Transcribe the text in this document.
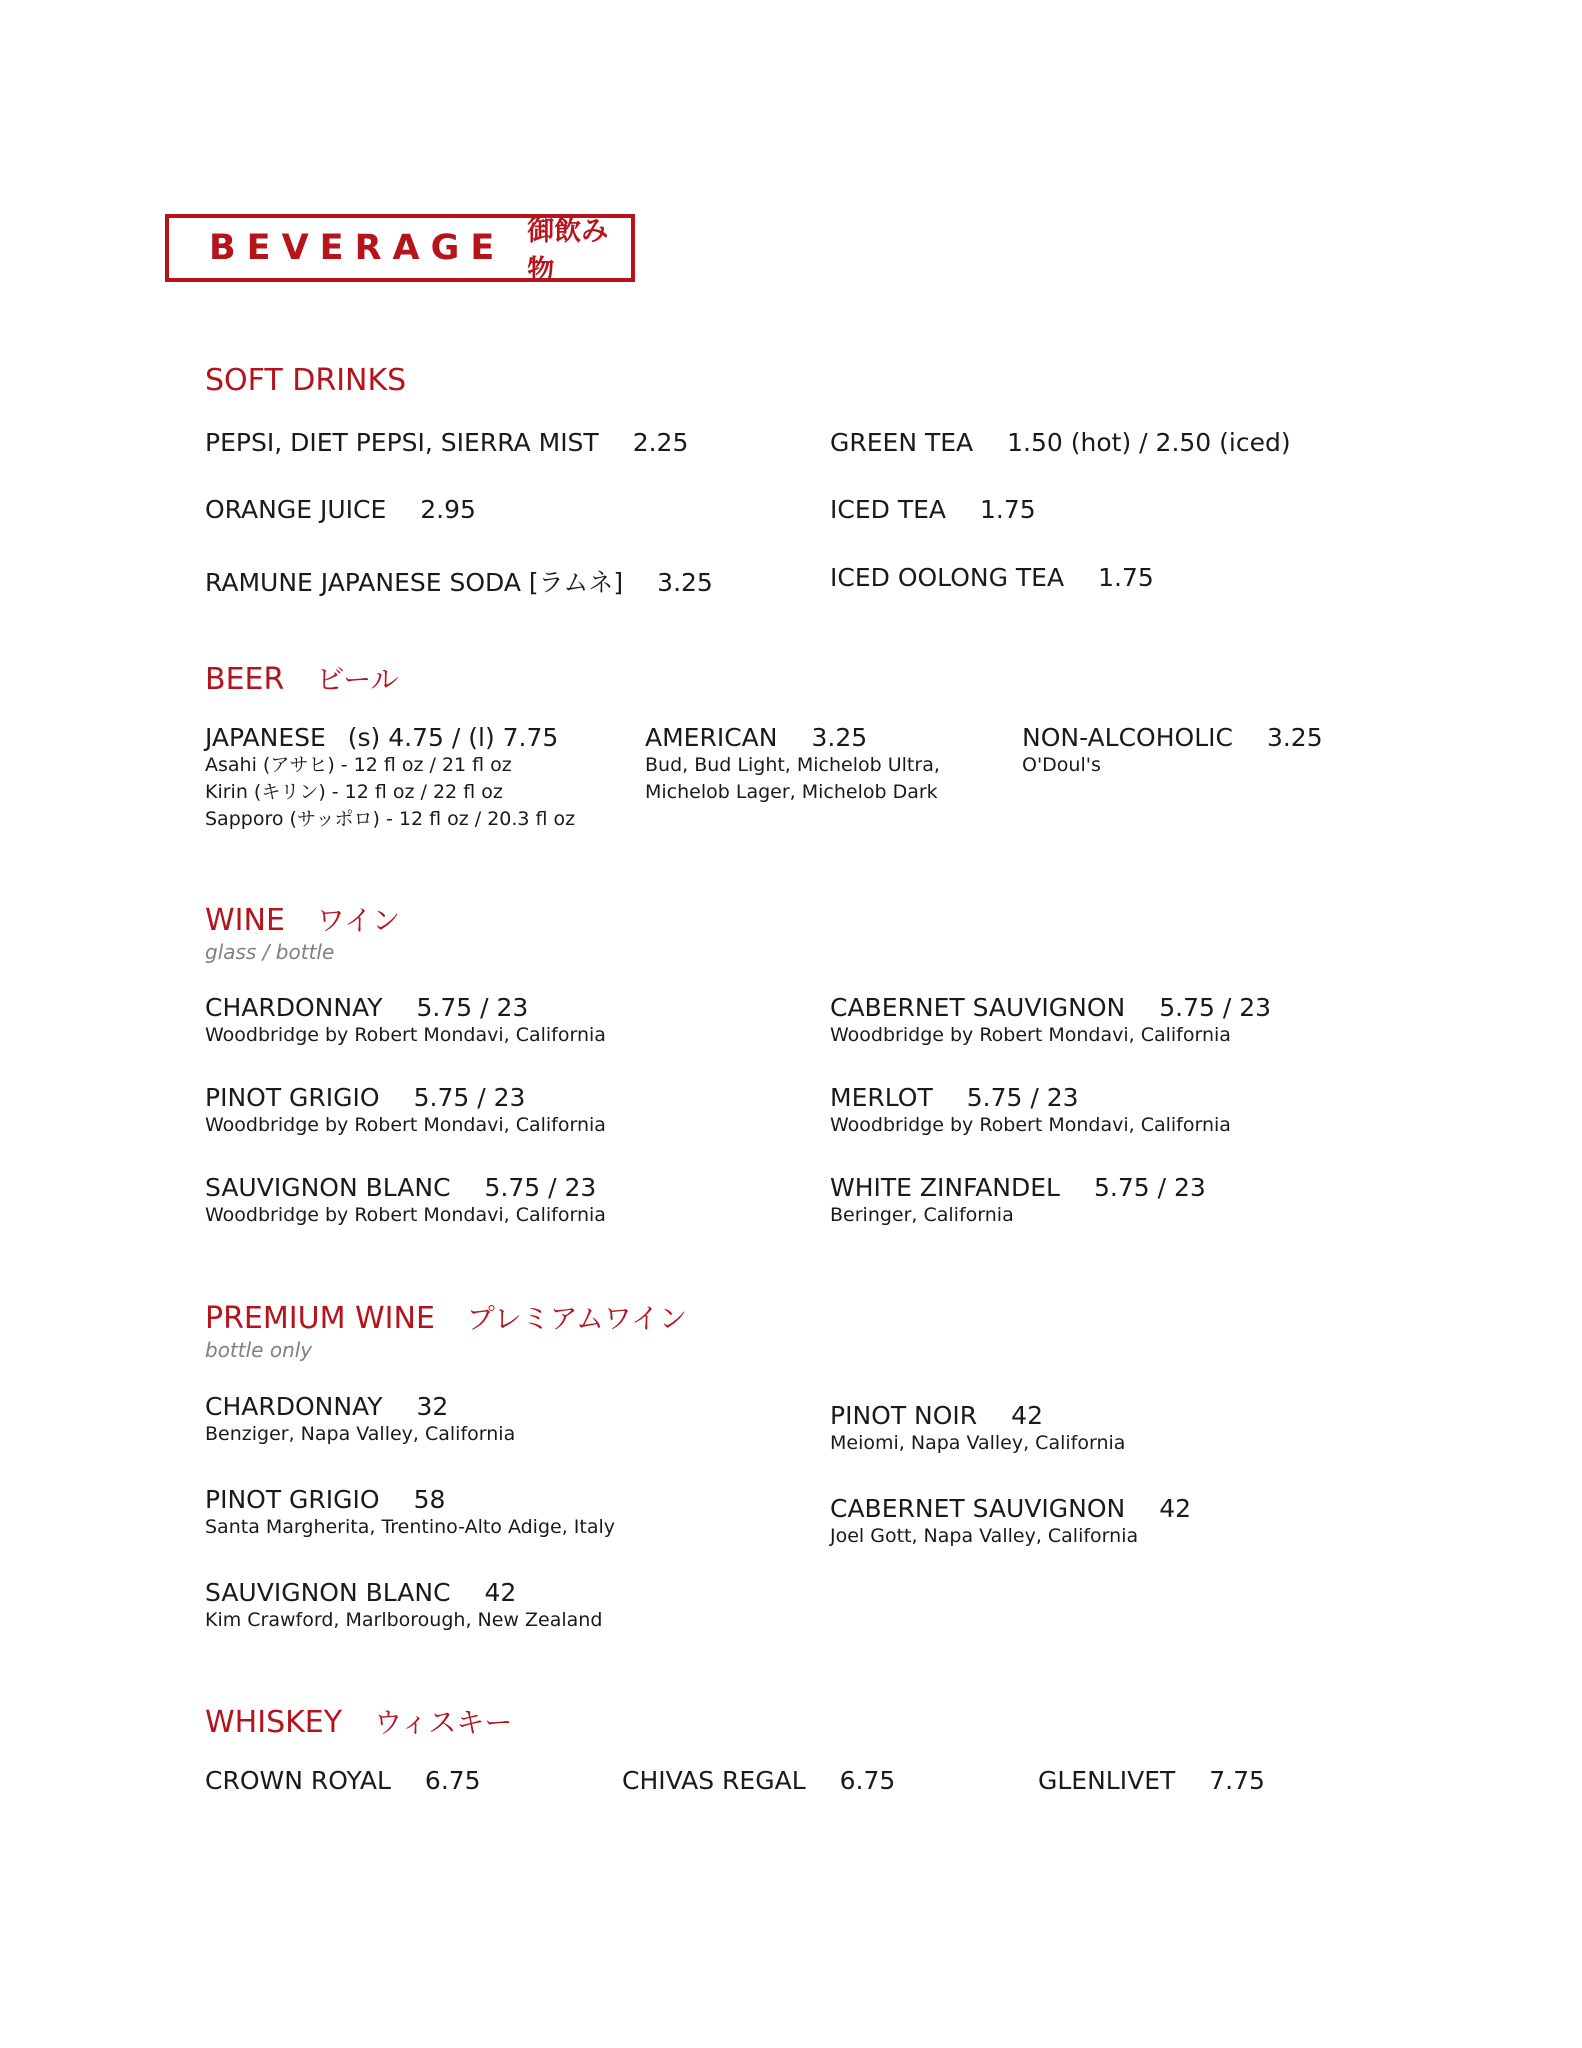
BEVERAGE 御飲み物
SOFT DRINKS
PEPSI, DIET PEPSI, SIERRA MIST 2.25
ORANGE JUICE 2.95
RAMUNE JAPANESE SODA [ラムネ] 3.25
GREEN TEA 1.50 (hot) / 2.50 (iced)
ICED TEA 1.75
ICED OOLONG TEA 1.75
BEER ビール
JAPANESE (s) 4.75 / (l) 7.75
Asahi (アサヒ) - 12 fl oz / 21 fl oz
Kirin (キリン) - 12 fl oz / 22 fl oz
Sapporo (サッポロ) - 12 fl oz / 20.3 fl oz
AMERICAN 3.25
Bud, Bud Light, Michelob Ultra,
Michelob Lager, Michelob Dark
NON-ALCOHOLIC 3.25
O'Doul's
WINE ワイン
glass / bottle
CHARDONNAY 5.75 / 23
Woodbridge by Robert Mondavi, California
PINOT GRIGIO 5.75 / 23
Woodbridge by Robert Mondavi, California
SAUVIGNON BLANC 5.75 / 23
Woodbridge by Robert Mondavi, California
CABERNET SAUVIGNON 5.75 / 23
Woodbridge by Robert Mondavi, California
MERLOT 5.75 / 23
Woodbridge by Robert Mondavi, California
WHITE ZINFANDEL 5.75 / 23
Beringer, California
PREMIUM WINE プレミアムワイン
bottle only
CHARDONNAY 32
Benziger, Napa Valley, California
PINOT GRIGIO 58
Santa Margherita, Trentino-Alto Adige, Italy
SAUVIGNON BLANC 42
Kim Crawford, Marlborough, New Zealand
PINOT NOIR 42
Meiomi, Napa Valley, California
CABERNET SAUVIGNON 42
Joel Gott, Napa Valley, California
WHISKEY ウィスキー
CROWN ROYAL 6.75	CHIVAS REGAL 6.75	GLENLIVET 7.75
